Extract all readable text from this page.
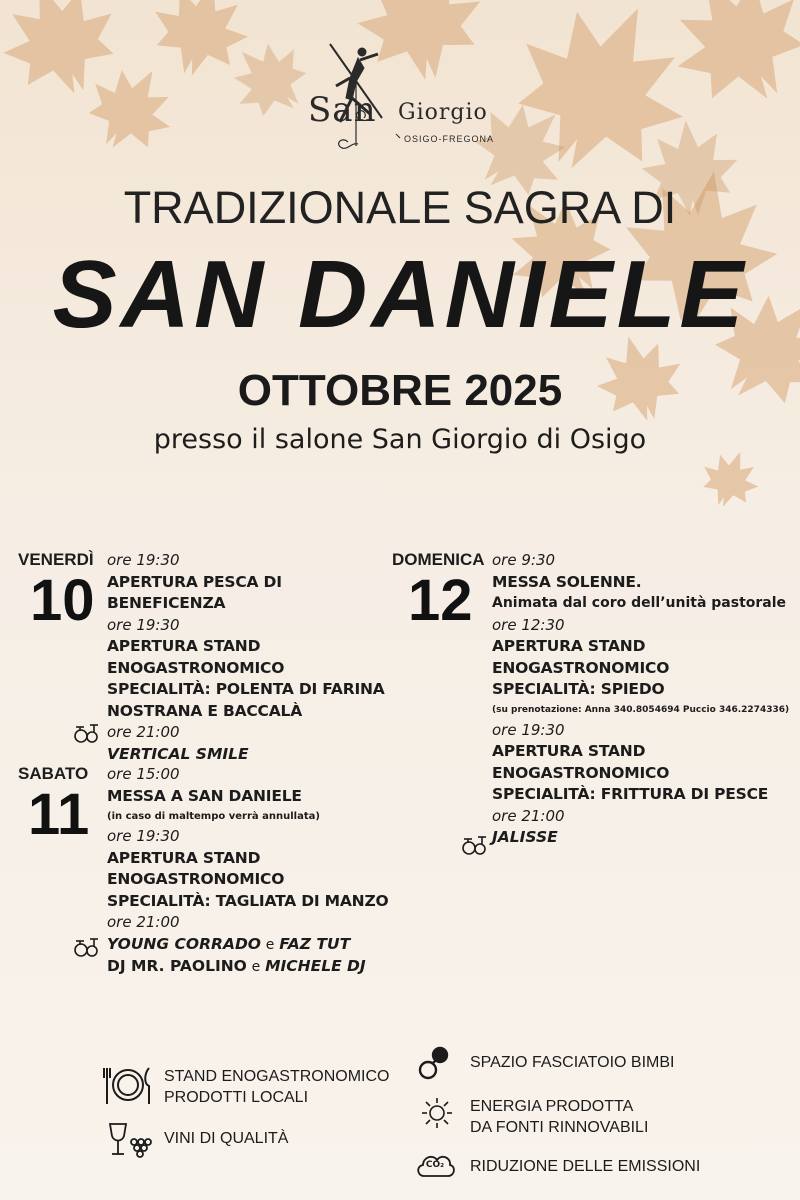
San Giorgio
OSIGO-FREGONA
TRADIZIONALE SAGRA DI
SAN DANIELE
OTTOBRE 2025
presso il salone San Giorgio di Osigo
VENERDÌ
10
ore 19:30
APERTURA PESCA DI BENEFICENZA
ore 19:30
APERTURA STAND
ENOGASTRONOMICO
SPECIALITÀ: POLENTA DI FARINA
NOSTRANA E BACCALÀ
ore 21:00
VERTICAL SMILE
SABATO
11
ore 15:00
MESSA A SAN DANIELE
(in caso di maltempo verrà annullata)
ore 19:30
APERTURA STAND
ENOGASTRONOMICO
SPECIALITÀ: TAGLIATA DI MANZO
ore 21:00
YOUNG CORRADO e FAZ TUT
DJ MR. PAOLINO e MICHELE DJ
DOMENICA
12
ore 9:30
MESSA SOLENNE.
Animata dal coro dell’unità pastorale
ore 12:30
APERTURA STAND
ENOGASTRONOMICO
SPECIALITÀ: SPIEDO
(su prenotazione: Anna 340.8054694 Puccio 346.2274336)
ore 19:30
APERTURA STAND
ENOGASTRONOMICO
SPECIALITÀ: FRITTURA DI PESCE
ore 21:00
JALISSE
STAND ENOGASTRONOMICO
PRODOTTI LOCALI
VINI DI QUALITÀ
SPAZIO FASCIATOIO BIMBI
ENERGIA PRODOTTA
DA FONTI RINNOVABILI
CO₂	RIDUZIONE DELLE EMISSIONI
